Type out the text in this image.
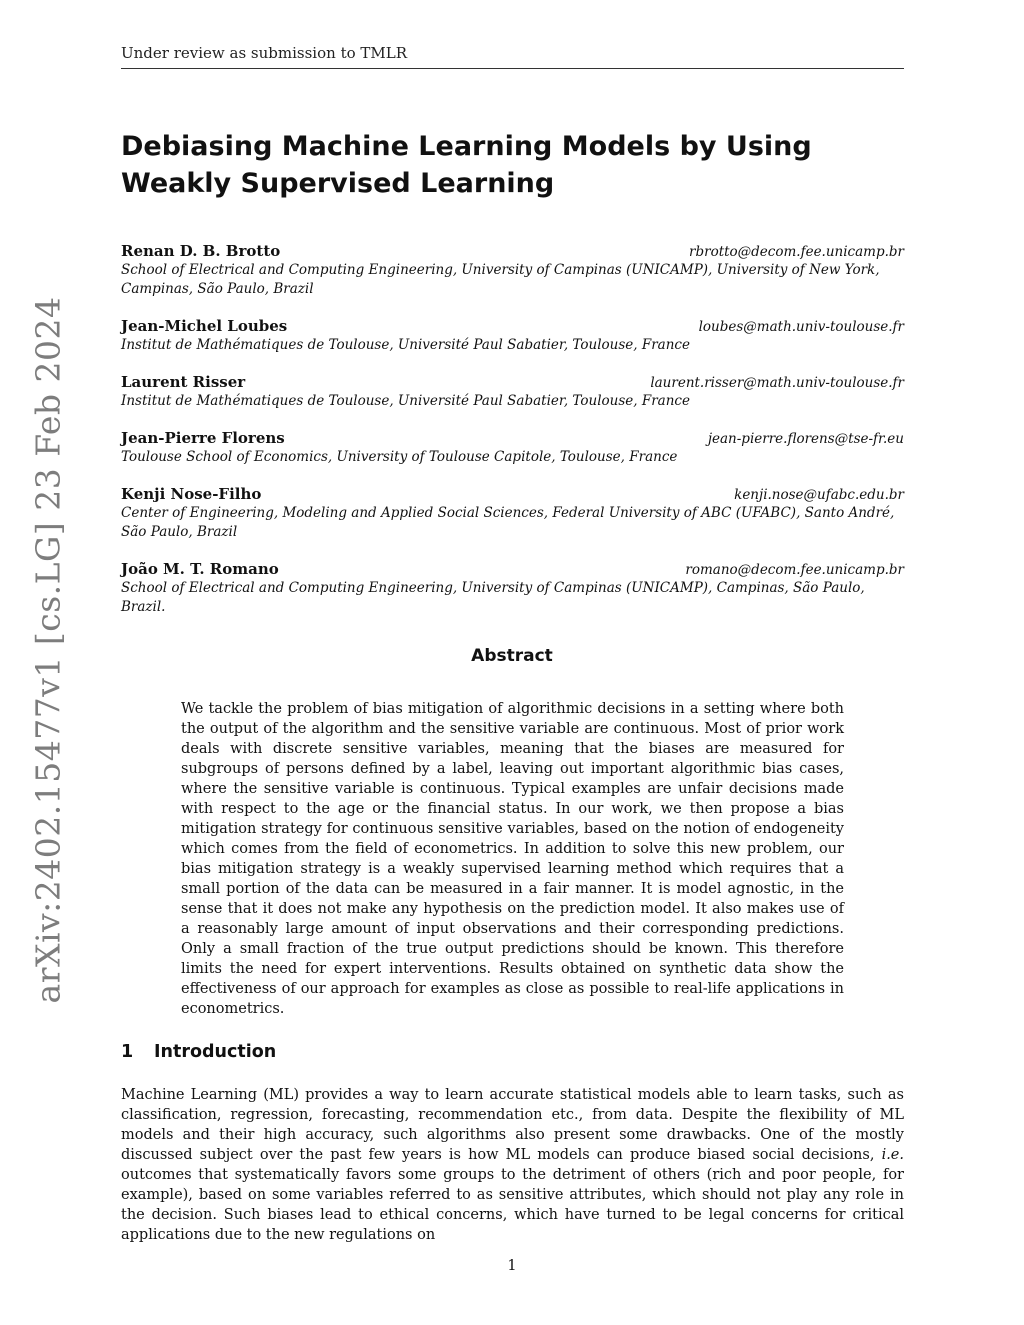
Under review as submission to TMLR
arXiv:2402.15477v1 [cs.LG] 23 Feb 2024
Debiasing Machine Learning Models by Using Weakly Supervised Learning
Renan D. B. Brotto	rbrotto@decom.fee.unicamp.br
School of Electrical and Computing Engineering, University of Campinas (UNICAMP), University of New York, Campinas, São Paulo, Brazil
Jean-Michel Loubes	loubes@math.univ-toulouse.fr
Institut de Mathématiques de Toulouse, Université Paul Sabatier, Toulouse, France
Laurent Risser	laurent.risser@math.univ-toulouse.fr
Institut de Mathématiques de Toulouse, Université Paul Sabatier, Toulouse, France
Jean-Pierre Florens	jean-pierre.florens@tse-fr.eu
Toulouse School of Economics, University of Toulouse Capitole, Toulouse, France
Kenji Nose-Filho	kenji.nose@ufabc.edu.br
Center of Engineering, Modeling and Applied Social Sciences, Federal University of ABC (UFABC), Santo André, São Paulo, Brazil
João M. T. Romano	romano@decom.fee.unicamp.br
School of Electrical and Computing Engineering, University of Campinas (UNICAMP), Campinas, São Paulo, Brazil.
Abstract
We tackle the problem of bias mitigation of algorithmic decisions in a setting where both the output of the algorithm and the sensitive variable are continuous. Most of prior work deals with discrete sensitive variables, meaning that the biases are measured for subgroups of persons defined by a label, leaving out important algorithmic bias cases, where the sensitive variable is continuous. Typical examples are unfair decisions made with respect to the age or the financial status. In our work, we then propose a bias mitigation strategy for continuous sensitive variables, based on the notion of endogeneity which comes from the field of econometrics. In addition to solve this new problem, our bias mitigation strategy is a weakly supervised learning method which requires that a small portion of the data can be measured in a fair manner. It is model agnostic, in the sense that it does not make any hypothesis on the prediction model. It also makes use of a reasonably large amount of input observations and their corresponding predictions. Only a small fraction of the true output predictions should be known. This therefore limits the need for expert interventions. Results obtained on synthetic data show the effectiveness of our approach for examples as close as possible to real-life applications in econometrics.
1 Introduction
Machine Learning (ML) provides a way to learn accurate statistical models able to learn tasks, such as classification, regression, forecasting, recommendation etc., from data. Despite the flexibility of ML models and their high accuracy, such algorithms also present some drawbacks. One of the mostly discussed subject over the past few years is how ML models can produce biased social decisions, i.e. outcomes that systematically favors some groups to the detriment of others (rich and poor people, for example), based on some variables referred to as sensitive attributes, which should not play any role in the decision. Such biases lead to ethical concerns, which have turned to be legal concerns for critical applications due to the new regulations on
1
